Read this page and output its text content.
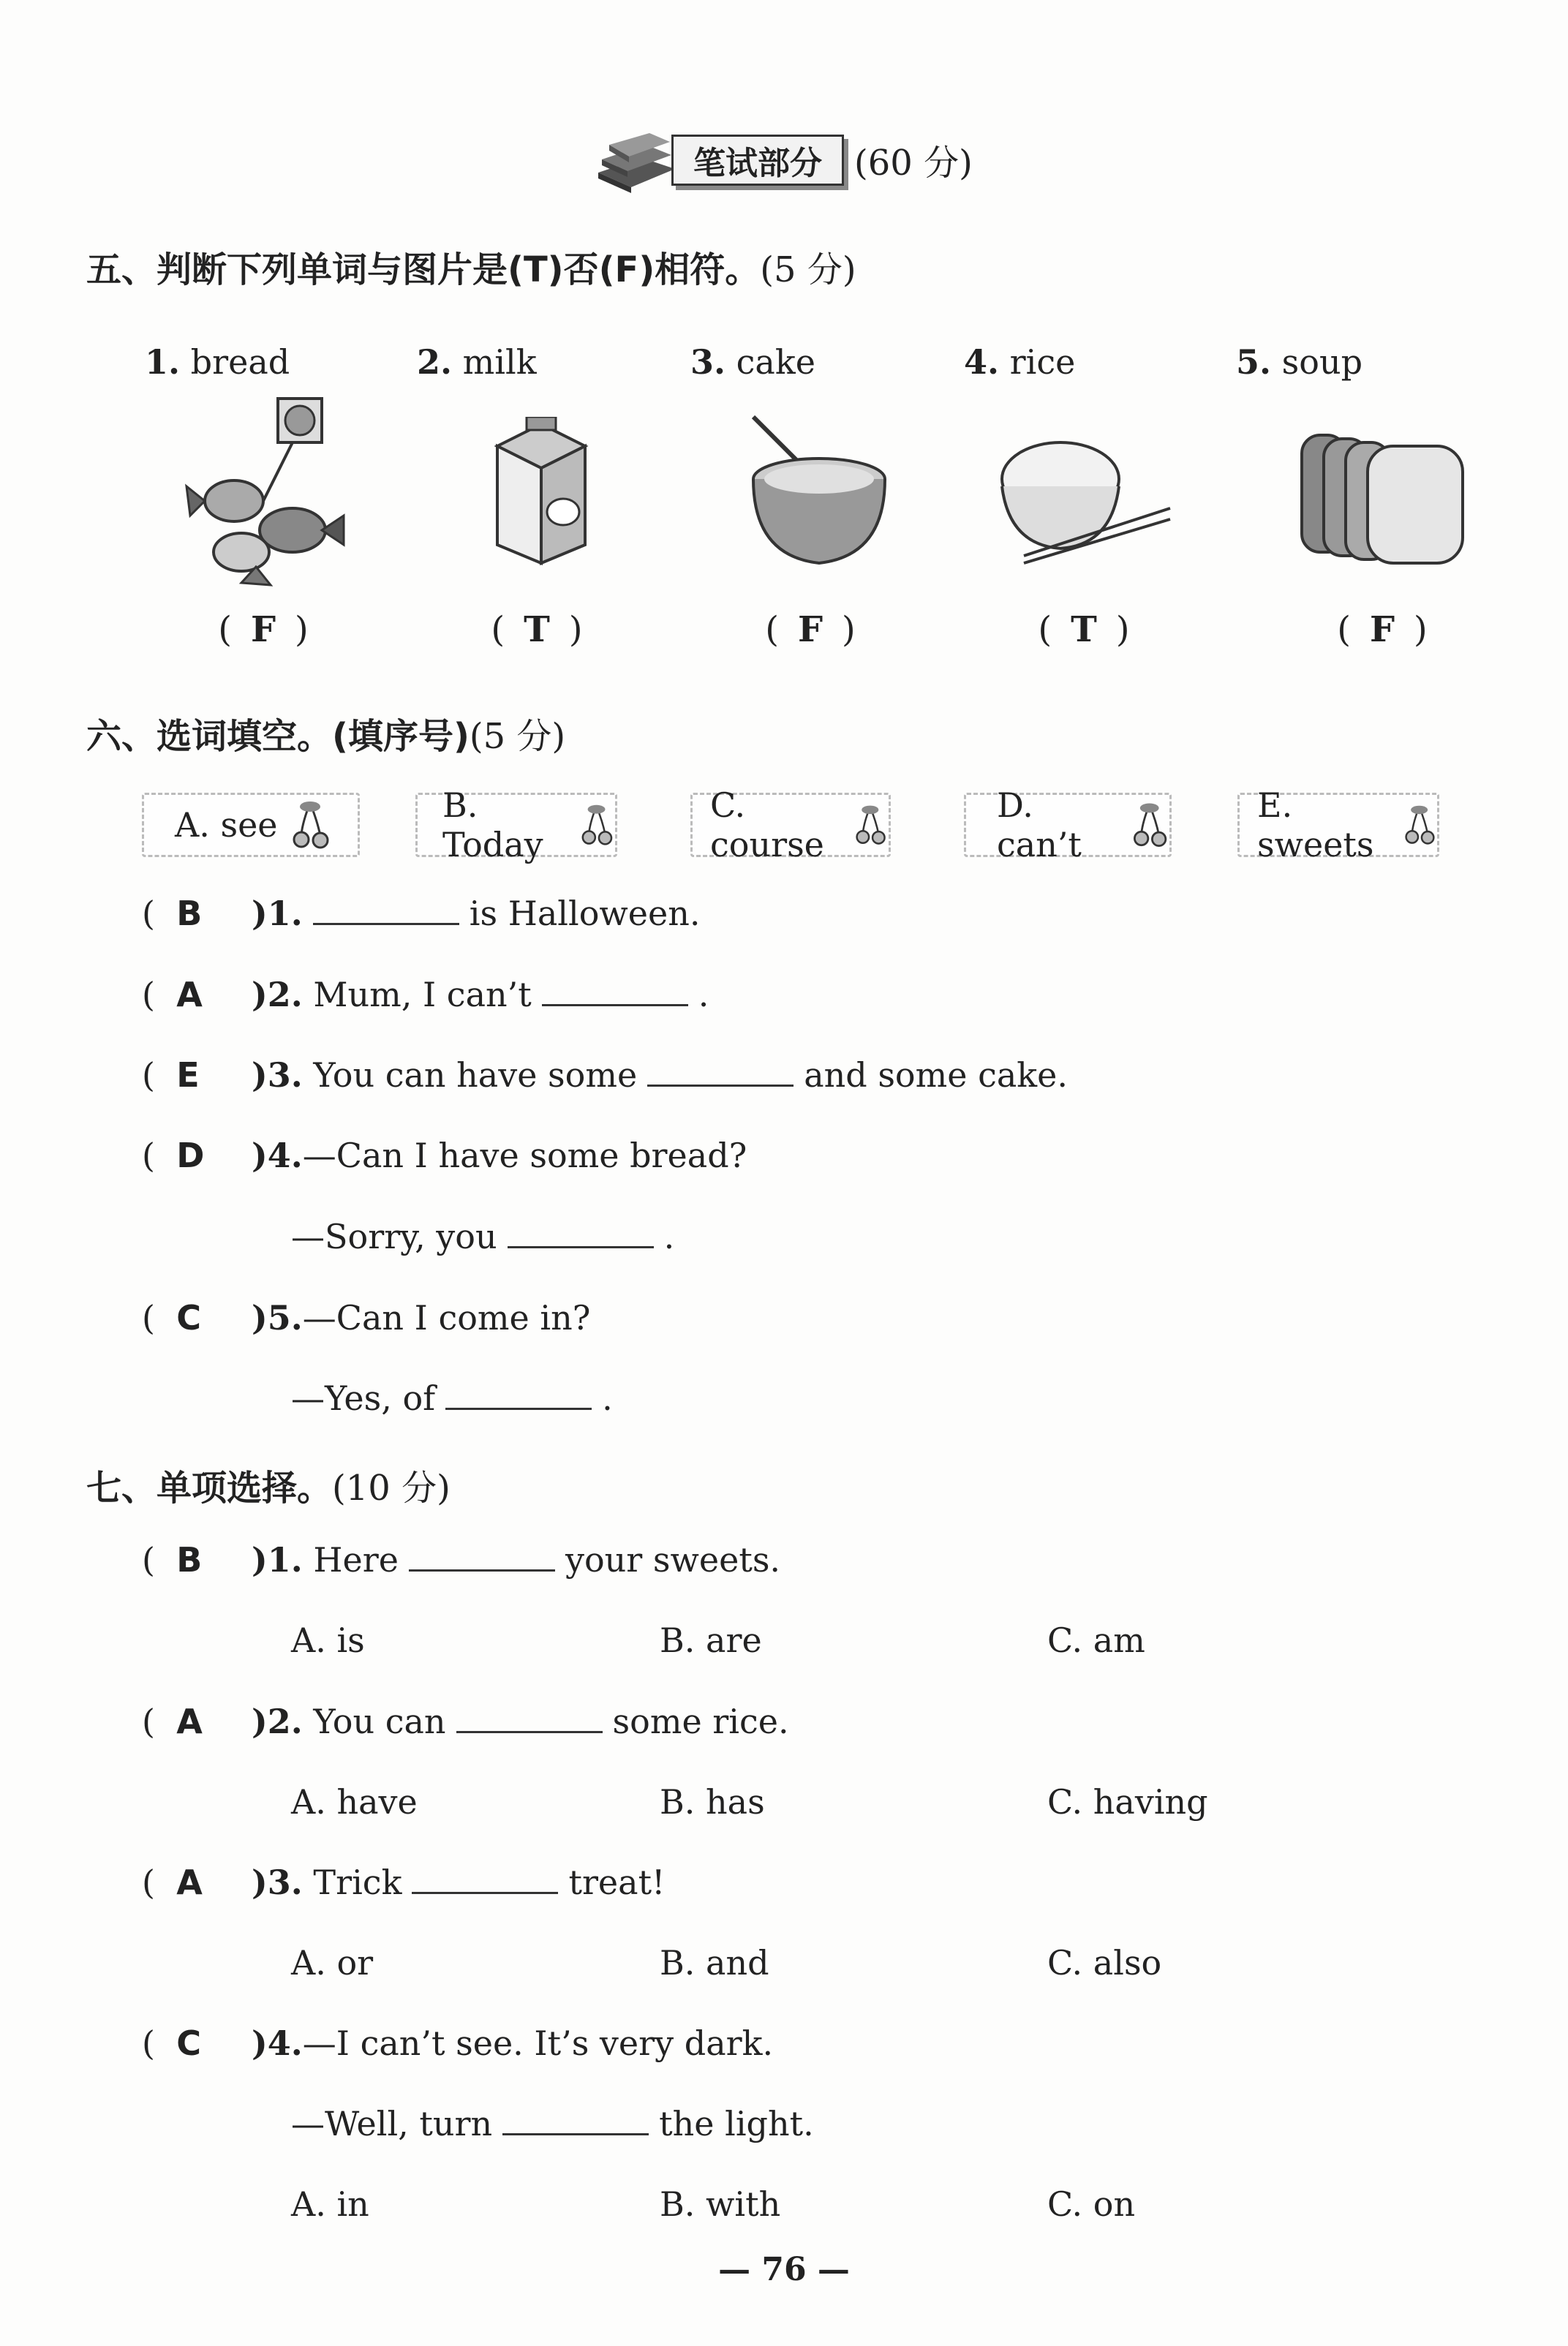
笔试部分 (60 分)
五、判断下列单词与图片是(T)否(F)相符。(5 分)
1. bread	2. milk	3. cake	4. rice	5. soup
( F )	( T )	( F )	( T )	( F )
六、选词填空。(填序号)(5 分)
A. see	B. Today
C. course
D. can’t
E. sweets
(  B )1.	is Halloween.
(  A )2. Mum, I can’t	.
(  E )3. You can have some	and some cake.
(  D )4.—Can I have some bread?
—Sorry, you	.
(  C )5.—Can I come in?
—Yes, of	.
七、单项选择。(10 分)
(  B )1. Here	your sweets.
A. is	B. are	C. am
(  A )2. You can	some rice.
A. have	B. has	C. having
(  A )3. Trick	treat!
A. or	B. and	C. also
(  C )4.—I can’t see. It’s very dark.
—Well, turn	the light.
A. in	B. with	C. on
— 76 —
